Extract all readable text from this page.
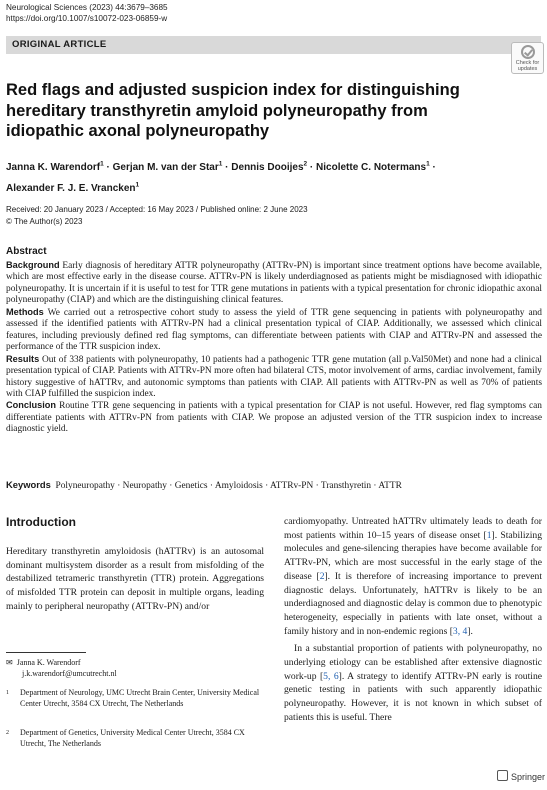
Neurological Sciences (2023) 44:3679–3685
https://doi.org/10.1007/s10072-023-06859-w
ORIGINAL ARTICLE
Check for
updates
Red flags and adjusted suspicion index for distinguishing hereditary transthyretin amyloid polyneuropathy from idiopathic axonal polyneuropathy
Janna K. Warendorf$^1$ · Gerjan M. van der Star$^1$ · Dennis Dooijes$^2$ · Nicolette C. Notermans$^1$ ·
Alexander F. J. E. Vrancken$^1$
Received: 20 January 2023 / Accepted: 16 May 2023 / Published online: 2 June 2023
© The Author(s) 2023
Abstract

Background Early diagnosis of hereditary ATTR polyneuropathy (ATTRv-PN) is important since treatment options have become available, which are most effective early in the disease course. ATTRv-PN is likely underdiagnosed as patients might be misdiagnosed with idiopathic polyneuropathy. It is uncertain if it is useful to test for TTR gene mutations in patients with a typical presentation for chronic idiopathic axonal polyneuropathy (CIAP) and which are the distinguishing clinical features.

Methods We carried out a retrospective cohort study to assess the yield of TTR gene sequencing in patients with polyneuropathy and assessed if the identified patients with ATTRv-PN had a clinical presentation typical of CIAP. Additionally, we assessed which clinical features, including previously defined red flag symptoms, can differentiate between patients with CIAP and ATTRv-PN and assessed the performance of the TTR suspicion index.

Results Out of 338 patients with polyneuropathy, 10 patients had a pathogenic TTR gene mutation (all p.Val50Met) and none had a clinical presentation typical of CIAP. Patients with ATTRv-PN more often had bilateral CTS, motor involvement of arms, cardiac involvement, family history suggestive of hATTRv, and autonomic symptoms than patients with CIAP. All patients with ATTRv-PN as well as 70% of patients with CIAP fulfilled the suspicion index.

Conclusion Routine TTR gene sequencing in patients with a typical presentation for CIAP is not useful. However, red flag symptoms can differentiate patients with ATTRv-PN from patients with CIAP. We propose an adjusted version of the TTR suspicion index to increase diagnostic yield.

Keywords Polyneuropathy · Neuropathy · Genetics · Amyloidosis · ATTRv-PN · Transthyretin · ATTR
Introduction

Hereditary transthyretin amyloidosis (hATTRv) is an autosomal dominant multisystem disorder as a result from misfolding of the destabilized tetrameric transthyretin (TTR) protein. Aggregations of misfolded TTR protein can deposit in multiple organs, leading mainly to peripheral neuropathy (ATTRv-PN) and/or

✉ Janna K. Warendorf
j.k.warendorf@umcutrecht.nl
$^1$ Department of Neurology, UMC Utrecht Brain Center, University Medical Center Utrecht, 3584 CX Utrecht, The Netherlands
$^2$ Department of Genetics, University Medical Center Utrecht, 3584 CX Utrecht, The Netherlands

cardiomyopathy. Untreated hATTRv ultimately leads to death for most patients within 10–15 years of disease onset [1]. Stabilizing molecules and gene-silencing therapies have become available for ATTRv-PN, which are most successful in the early stage of the disease [2]. It is therefore of increasing importance to prevent diagnostic delays. Unfortunately, hATTRv is likely to be an underdiagnosed and diagnostic delay is common due to phenotypic heterogeneity, especially in patients with late onset, without a family history and in non-endemic regions [3, 4].

In a substantial proportion of patients with polyneuropathy, no underlying etiology can be established after extensive diagnostic work-up [5, 6]. A strategy to identify ATTRv-PN early is routine genetic testing in patients with such apparently idiopathic polyneuropathy. However, it is not known in which subset of patients this is useful. There

Springer
